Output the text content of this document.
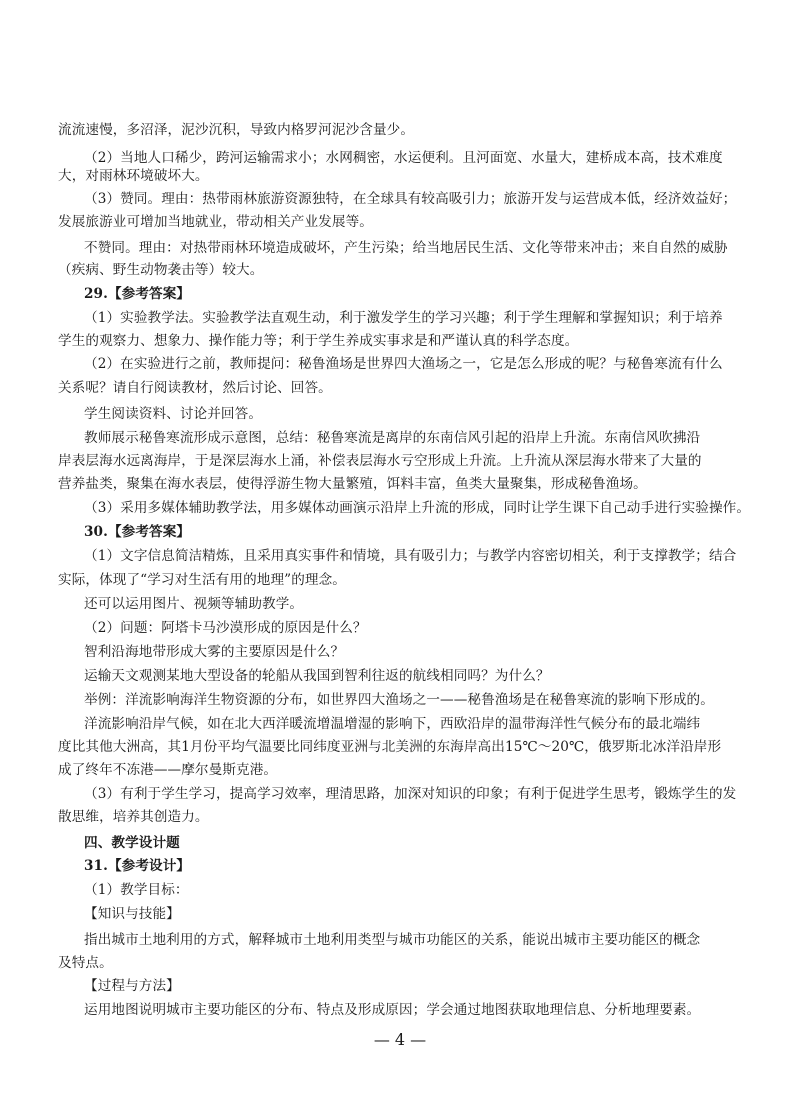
流流速慢，多沼泽，泥沙沉积，导致内格罗河泥沙含量少。
（2）当地人口稀少，跨河运输需求小；水网稠密，水运便利。且河面宽、水量大，建桥成本高，技术难度
大，对雨林环境破坏大。
（3）赞同。理由：热带雨林旅游资源独特，在全球具有较高吸引力；旅游开发与运营成本低，经济效益好；
发展旅游业可增加当地就业，带动相关产业发展等。
不赞同。理由：对热带雨林环境造成破坏，产生污染；给当地居民生活、文化等带来冲击；来自自然的威胁
（疾病、野生动物袭击等）较大。
29.【参考答案】
（1）实验教学法。实验教学法直观生动，利于激发学生的学习兴趣；利于学生理解和掌握知识；利于培养
学生的观察力、想象力、操作能力等；利于学生养成实事求是和严谨认真的科学态度。
（2）在实验进行之前，教师提问：秘鲁渔场是世界四大渔场之一，它是怎么形成的呢？与秘鲁寒流有什么
关系呢？请自行阅读教材，然后讨论、回答。
学生阅读资料、讨论并回答。
教师展示秘鲁寒流形成示意图，总结：秘鲁寒流是离岸的东南信风引起的沿岸上升流。东南信风吹拂沿
岸表层海水远离海岸，于是深层海水上涌，补偿表层海水亏空形成上升流。上升流从深层海水带来了大量的
营养盐类，聚集在海水表层，使得浮游生物大量繁殖，饵料丰富，鱼类大量聚集，形成秘鲁渔场。
（3）采用多媒体辅助教学法，用多媒体动画演示沿岸上升流的形成，同时让学生课下自己动手进行实验操作。
30.【参考答案】
（1）文字信息简洁精炼，且采用真实事件和情境，具有吸引力；与教学内容密切相关，利于支撑教学；结合
实际，体现了“学习对生活有用的地理”的理念。
还可以运用图片、视频等辅助教学。
（2）问题：阿塔卡马沙漠形成的原因是什么？
智利沿海地带形成大雾的主要原因是什么？
运输天文观测某地大型设备的轮船从我国到智利往返的航线相同吗？为什么？
举例：洋流影响海洋生物资源的分布，如世界四大渔场之一——秘鲁渔场是在秘鲁寒流的影响下形成的。
洋流影响沿岸气候，如在北大西洋暖流增温增湿的影响下，西欧沿岸的温带海洋性气候分布的最北端纬
度比其他大洲高，其1月份平均气温要比同纬度亚洲与北美洲的东海岸高出15℃～20℃，俄罗斯北冰洋沿岸形
成了终年不冻港——摩尔曼斯克港。
（3）有利于学生学习，提高学习效率，理清思路，加深对知识的印象；有利于促进学生思考，锻炼学生的发
散思维，培养其创造力。
四、教学设计题
31.【参考设计】
（1）教学目标：
【知识与技能】
指出城市土地利用的方式，解释城市土地利用类型与城市功能区的关系，能说出城市主要功能区的概念
及特点。
【过程与方法】
运用地图说明城市主要功能区的分布、特点及形成原因；学会通过地图获取地理信息、分析地理要素。
— 4 —
